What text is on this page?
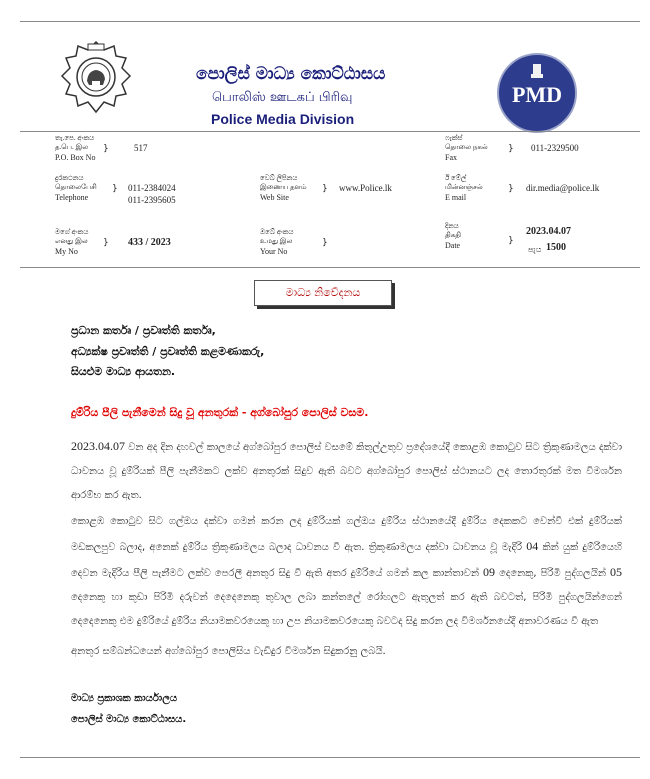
පොලිස් මාධ්‍ය කොට්ඨාසය
பொலிஸ் ஊடகப் பிரிவு
Police Media Division
PMD
තැ.පෙ. අංකය
த.பெ. இல
P.O. Box No
}	517
ෆැක්ස්
தொலை நகல்
Fax
} 011-2329500
දුරකථනය
தொலைபேசி
Telephone
} 011-2384024
011-2395605
වෙබ් ලිපිනය
இணைய தளம்
Web Site
} www.Police.lk
ඊ මේල්
மின்னஞ்சல்
E mail
} dir.media@police.lk
මගේ අංකය
எனது இல
My No
} 433 / 2023
ඔබේ අංකය
உமது இல
Your No
}
දිනය
திகதி
Date	}
2023.04.07
පැය 1500
මාධ්‍ය නිවේදනය
ප්‍රධාන කර්තෘ / ප්‍රවෘත්ති කර්තෘ,
අධ්‍යක්ෂ ප්‍රවෘත්ති / ප්‍රවෘත්ති කළමණාකරු,
සියළුම මාධ්‍ය ආයතන.
දුම්රිය පීලි පැනීමෙන් සිදු වූ අනතුරක් - අග්බෝපුර පොලිස් වසම.
2023.04.07 වන අද දින දහවල් කාලයේ අග්බෝපුර පොලිස් වසමේ කිතුල්උතුව ප්‍රදේශයේදී කොළඹ කොටුව සිට ත්‍රිකුණාමලය දක්වා ධාවනය වූ දුම්රියක් පීලි පැනීමකට ලක්ව අනතුරක් සිදුව ඇති බවට අග්බෝපුර පොලිස් ස්ථානයට ලද තොරතුරක් මත විමර්ශන ආරම්භ කර ඇත.
කොළඹ කොටුව සිට ගල්ඔය දක්වා ගමන් කරන ලද දුම්රියක් ගල්ඔය දුම්රිය ස්ථානයේදී දුම්රිය දෙකකට වෙන්වී එක් දුම්රියක් මඩකලපුව බලාද, අනෙක් දුම්රිය ත්‍රිකුණාමලය බලාද ධාවනය වී ඇත. ත්‍රිකුණාමලය දක්වා ධාවනය වූ මැදිරි 04 කින් යුක් දුම්රියෙහි දෙවන මැදිරිය පීලි පැනීමට ලක්ව පෙරලී අනතුර සිදු වී ඇති අතර දුම්රියේ ගමන් කල කාන්තාවන් 09 දෙනෙකු, පිරිමි පුද්ගලයින් 05 දෙනෙකු හා කුඩා පිරිමි දරුවන් දෙදෙනෙකු තුවාල ලබා කන්තලේ රෝහලට ඇතුලත් කර ඇති බවටත්, පිරිමි පුද්ගලයින්ගෙන් දෙදෙනෙකු එම දුම්රියේ දුම්රිය නියාමකවරයෙකු හා උප නියාමකවරයෙකු බවටද සිදු කරන ලද විමර්ශනයේදී අනාවරණය වී ඇත
අනතුර සම්බන්ධයෙන් අග්බෝපුර පොලිසිය වැඩිදුර විමර්ශන සිදුකරනු ලබයි.
මාධ්‍ය ප්‍රකාශක කාර්යාලය
පොලිස් මාධ්‍ය කොට්ඨාසය.
